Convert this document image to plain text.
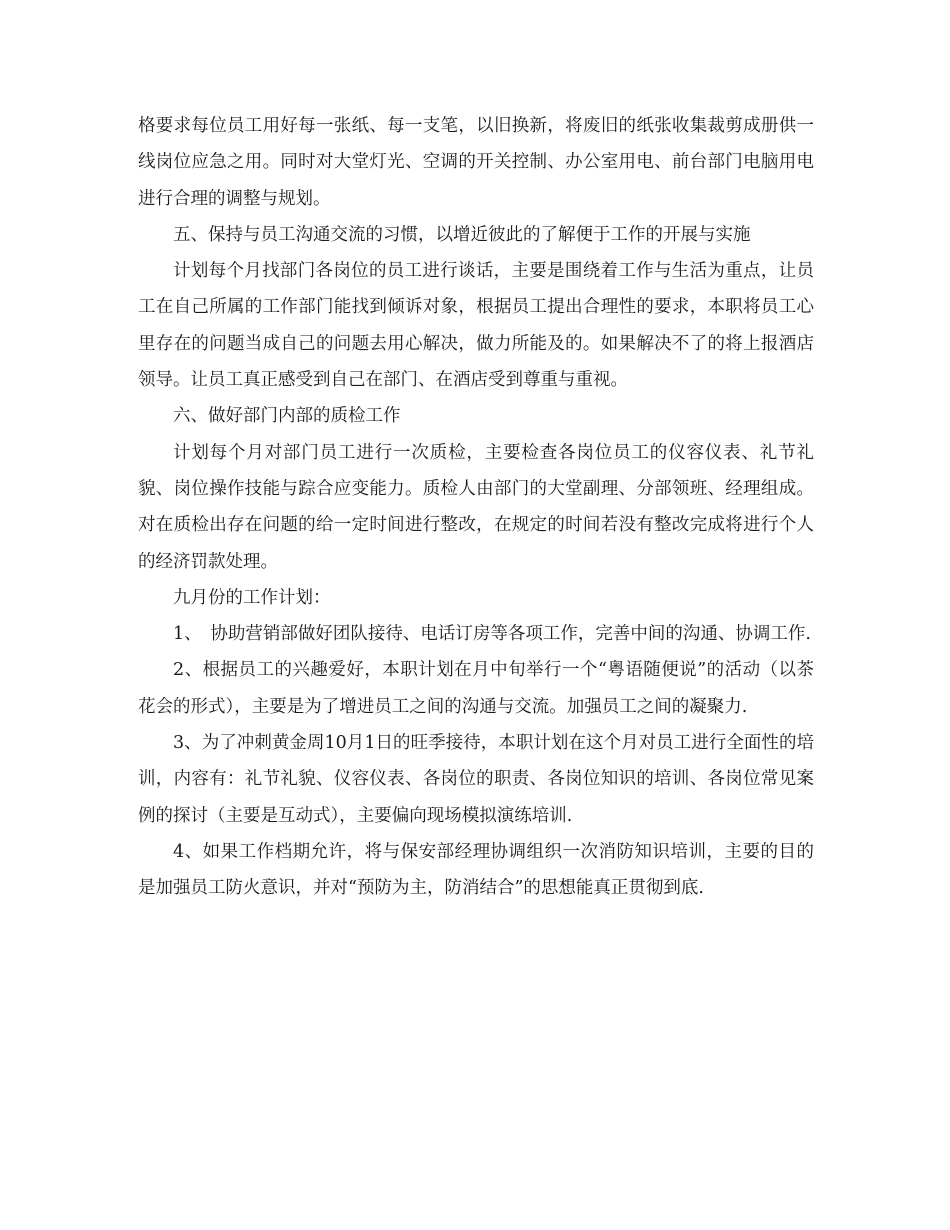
格要求每位员工用好每一张纸、每一支笔，以旧换新，将废旧的纸张收集裁剪成册供一线岗位应急之用。同时对大堂灯光、空调的开关控制、办公室用电、前台部门电脑用电进行合理的调整与规划。

五、保持与员工沟通交流的习惯，以增近彼此的了解便于工作的开展与实施

计划每个月找部门各岗位的员工进行谈话，主要是围绕着工作与生活为重点，让员工在自己所属的工作部门能找到倾诉对象，根据员工提出合理性的要求，本职将员工心里存在的问题当成自己的问题去用心解决，做力所能及的。如果解决不了的将上报酒店领导。让员工真正感受到自己在部门、在酒店受到尊重与重视。

六、做好部门内部的质检工作

计划每个月对部门员工进行一次质检，主要检查各岗位员工的仪容仪表、礼节礼貌、岗位操作技能与踪合应变能力。质检人由部门的大堂副理、分部领班、经理组成。对在质检出存在问题的给一定时间进行整改，在规定的时间若没有整改完成将进行个人的经济罚款处理。

九月份的工作计划：

1、　协助营销部做好团队接待、电话订房等各项工作，完善中间的沟通、协调工作.

2、根据员工的兴趣爱好，本职计划在月中旬举行一个“粤语随便说”的活动（以茶花会的形式），主要是为了增进员工之间的沟通与交流。加强员工之间的凝聚力.

3、为了冲刺黄金周10月1日的旺季接待，本职计划在这个月对员工进行全面性的培训，内容有：礼节礼貌、仪容仪表、各岗位的职责、各岗位知识的培训、各岗位常见案例的探讨（主要是互动式），主要偏向现场模拟演练培训.

4、如果工作档期允许，将与保安部经理协调组织一次消防知识培训，主要的目的是加强员工防火意识，并对“预防为主，防消结合”的思想能真正贯彻到底.
